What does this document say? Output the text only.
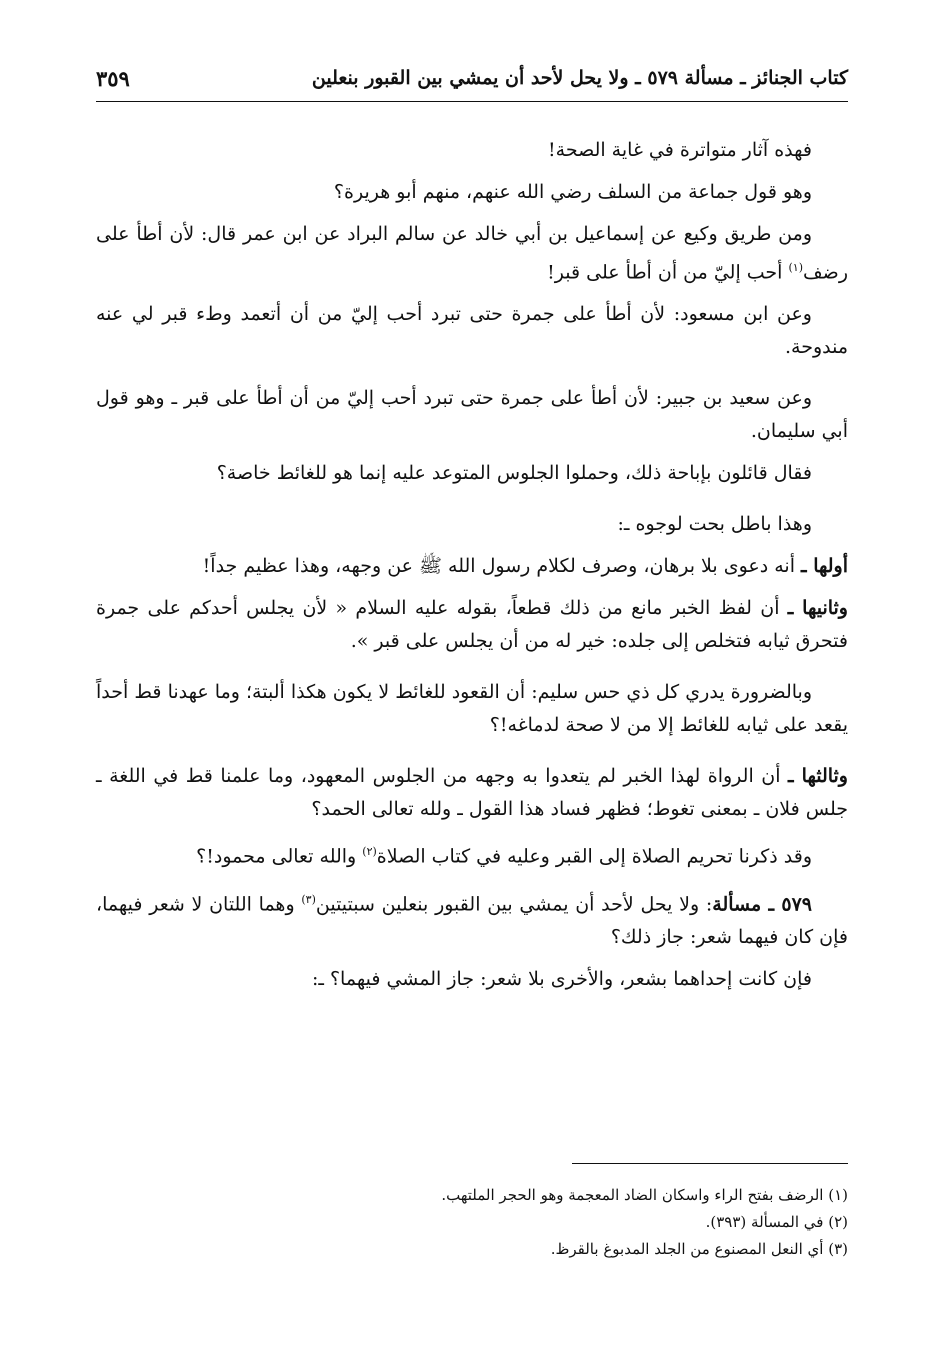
كتاب الجنائز ـ مسألة ٥٧٩ ـ ولا يحل لأحد أن يمشي بين القبور بنعلين
٣٥٩

فهذه آثار متواترة في غاية الصحة!

وهو قول جماعة من السلف رضي الله عنهم، منهم أبو هريرة؟

ومن طريق وكيع عن إسماعيل بن أبي خالد عن سالم البراد عن ابن عمر قال: لأن أطأ على رضف$^{(١)}$ أحب إليّ من أن أطأ على قبر!

وعن ابن مسعود: لأن أطأ على جمرة حتى تبرد أحب إليّ من أن أتعمد وطء قبر لي عنه مندوحة.

وعن سعيد بن جبير: لأن أطأ على جمرة حتى تبرد أحب إليّ من أن أطأ على قبر ـ وهو قول أبي سليمان.

فقال قائلون بإباحة ذلك، وحملوا الجلوس المتوعد عليه إنما هو للغائط خاصة؟

وهذا باطل بحت لوجوه ـ:

أولها ـ أنه دعوى بلا برهان، وصرف لكلام رسول الله ﷺ عن وجهه، وهذا عظيم جداً!

وثانيها ـ أن لفظ الخبر مانع من ذلك قطعاً، بقوله عليه السلام « لأن يجلس أحدكم على جمرة فتحرق ثيابه فتخلص إلى جلده: خير له من أن يجلس على قبر ».

وبالضرورة يدري كل ذي حس سليم: أن القعود للغائط لا يكون هكذا ألبتة؛ وما عهدنا قط أحداً يقعد على ثيابه للغائط إلا من لا صحة لدماغه!؟

وثالثها ـ أن الرواة لهذا الخبر لم يتعدوا به وجهه من الجلوس المعهود، وما علمنا قط في اللغة ـ جلس فلان ـ بمعنى تغوط؛ فظهر فساد هذا القول ـ ولله تعالى الحمد؟

وقد ذكرنا تحريم الصلاة إلى القبر وعليه في كتاب الصلاة$^{(٢)}$ والله تعالى محمود!؟

٥٧٩ ـ مسألة: ولا يحل لأحد أن يمشي بين القبور بنعلين سبتيتين$^{(٣)}$ وهما اللتان لا شعر فيهما، فإن كان فيهما شعر: جاز ذلك؟

فإن كانت إحداهما بشعر، والأخرى بلا شعر: جاز المشي فيهما؟ ـ:

(١) الرضف بفتح الراء واسكان الضاد المعجمة وهو الحجر الملتهب.

(٢) في المسألة (٣٩٣).

(٣) أي النعل المصنوع من الجلد المدبوغ بالقرظ.
